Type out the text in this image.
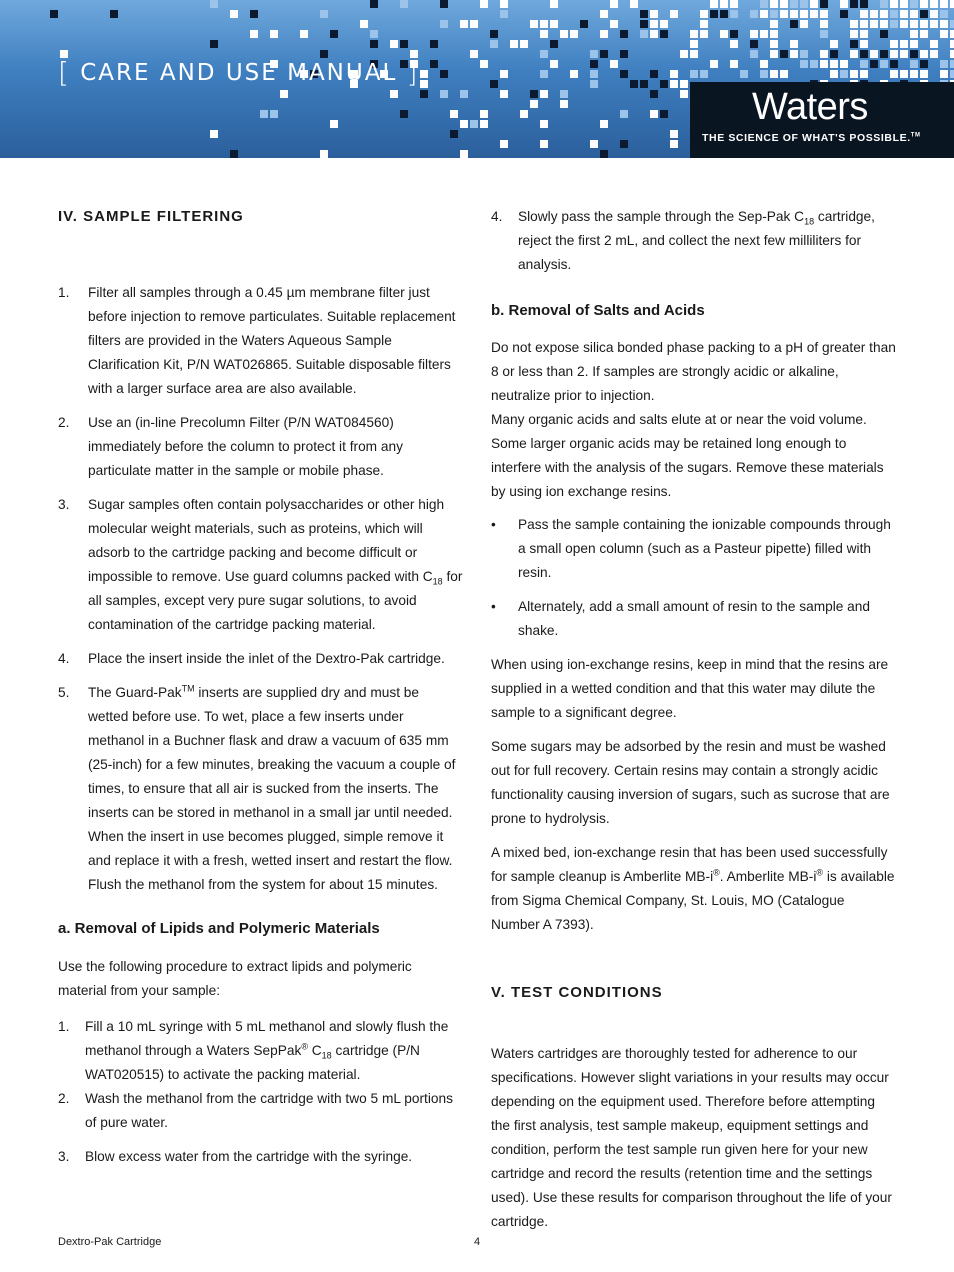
[ CARE AND USE MANUAL ]
Waters
THE SCIENCE OF WHAT'S POSSIBLE.™
IV. SAMPLE FILTERING
1. Filter all samples through a 0.45 µm membrane filter just before injection to remove particulates. Suitable replacement filters are provided in the Waters Aqueous Sample Clarification Kit, P/N WAT026865. Suitable disposable filters with a larger surface area are also available.

2. Use an (in-line Precolumn Filter (P/N WAT084560) immediately before the column to protect it from any particulate matter in the sample or mobile phase.

3. Sugar samples often contain polysaccharides or other high molecular weight materials, such as proteins, which will adsorb to the cartridge packing and become difficult or impossible to remove. Use guard columns packed with $C_{18}$ for all samples, except very pure sugar solutions, to avoid contamination of the cartridge packing material.

4. Place the insert inside the inlet of the Dextro-Pak cartridge.

5. The Guard-Pak™ inserts are supplied dry and must be wetted before use. To wet, place a few inserts under methanol in a Buchner flask and draw a vacuum of 635 mm (25-inch) for a few minutes, breaking the vacuum a couple of times, to ensure that all air is sucked from the inserts. The inserts can be stored in methanol in a small jar until needed. When the insert in use becomes plugged, simple remove it and replace it with a fresh, wetted insert and restart the flow. Flush the methanol from the system for about 15 minutes.

a. Removal of Lipids and Polymeric Materials

Use the following procedure to extract lipids and polymeric material from your sample:

1. Fill a 10 mL syringe with 5 mL methanol and slowly flush the methanol through a Waters SepPak® $C_{18}$ cartridge (P/N WAT020515) to activate the packing material.

2. Wash the methanol from the cartridge with two 5 mL portions of pure water.

3. Blow excess water from the cartridge with the syringe.

4. Slowly pass the sample through the Sep-Pak $C_{18}$ cartridge, reject the first 2 mL, and collect the next few milliliters for analysis.

b. Removal of Salts and Acids

Do not expose silica bonded phase packing to a pH of greater than 8 or less than 2. If samples are strongly acidic or alkaline, neutralize prior to injection.

Many organic acids and salts elute at or near the void volume. Some larger organic acids may be retained long enough to interfere with the analysis of the sugars. Remove these materials by using ion exchange resins.

• Pass the sample containing the ionizable compounds through a small open column (such as a Pasteur pipette) filled with resin.

• Alternately, add a small amount of resin to the sample and shake.

When using ion-exchange resins, keep in mind that the resins are supplied in a wetted condition and that this water may dilute the sample to a significant degree.

Some sugars may be adsorbed by the resin and must be washed out for full recovery. Certain resins may contain a strongly acidic functionality causing inversion of sugars, such as sucrose that are prone to hydrolysis.

A mixed bed, ion-exchange resin that has been used successfully for sample cleanup is Amberlite MB-i®. Amberlite MB-i® is available from Sigma Chemical Company, St. Louis, MO (Catalogue Number A 7393).

V. TEST CONDITIONS

Waters cartridges are thoroughly tested for adherence to our specifications. However slight variations in your results may occur depending on the equipment used. Therefore before attempting the first analysis, test sample makeup, equipment settings and condition, perform the test sample run given here for your new cartridge and record the results (retention time and the settings used). Use these results for comparison throughout the life of your cartridge.

Dextro-Pak Cartridge	4
